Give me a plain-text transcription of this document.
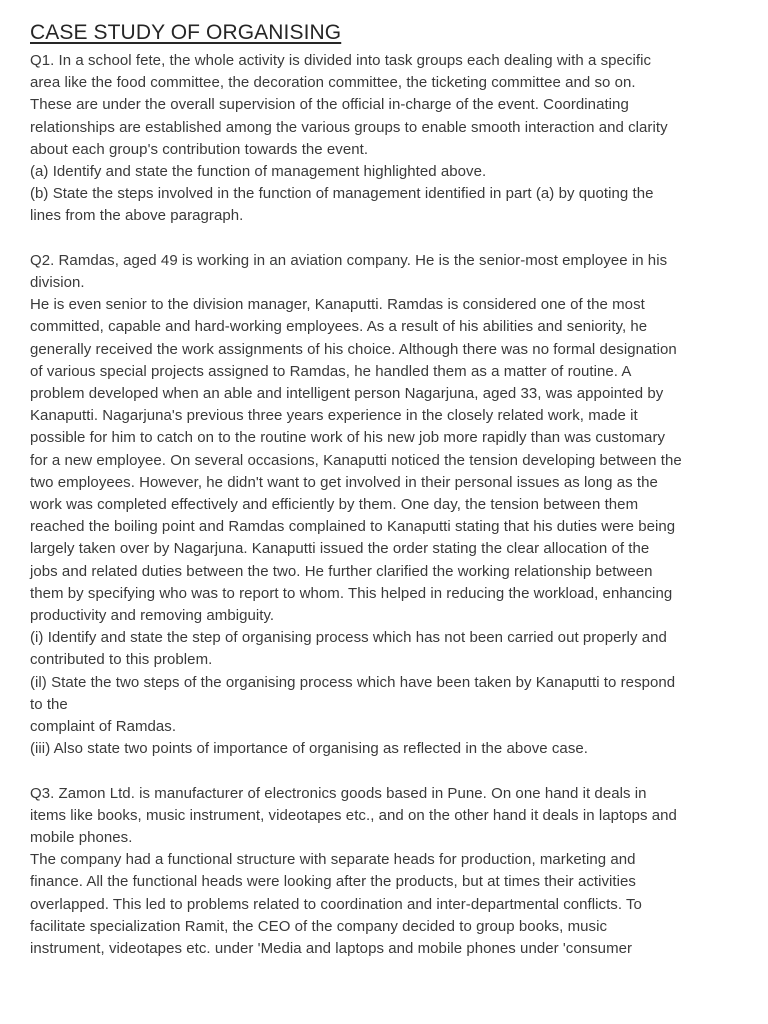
CASE STUDY OF ORGANISING
Q1. In a school fete, the whole activity is divided into task groups each dealing with a specific
area like the food committee, the decoration committee, the ticketing committee and so on.
These are under the overall supervision of the official in-charge of the event. Coordinating
relationships are established among the various groups to enable smooth interaction and clarity
about each group's contribution towards the event.
(a) Identify and state the function of management highlighted above.
(b) State the steps involved in the function of management identified in part (a) by quoting the
lines from the above paragraph.
Q2. Ramdas, aged 49 is working in an aviation company. He is the senior-most employee in his
division.
He is even senior to the division manager, Kanaputti. Ramdas is considered one of the most
committed, capable and hard-working employees. As a result of his abilities and seniority, he
generally received the work assignments of his choice. Although there was no formal designation
of various special projects assigned to Ramdas, he handled them as a matter of routine. A
problem developed when an able and intelligent person Nagarjuna, aged 33, was appointed by
Kanaputti. Nagarjuna's previous three years experience in the closely related work, made it
possible for him to catch on to the routine work of his new job more rapidly than was customary
for a new employee. On several occasions, Kanaputti noticed the tension developing between the
two employees. However, he didn't want to get involved in their personal issues as long as the
work was completed effectively and efficiently by them. One day, the tension between them
reached the boiling point and Ramdas complained to Kanaputti stating that his duties were being
largely taken over by Nagarjuna. Kanaputti issued the order stating the clear allocation of the
jobs and related duties between the two. He further clarified the working relationship between
them by specifying who was to report to whom. This helped in reducing the workload, enhancing
productivity and removing ambiguity.
(i) Identify and state the step of organising process which has not been carried out properly and
contributed to this problem.
(il) State the two steps of the organising process which have been taken by Kanaputti to respond
to the
complaint of Ramdas.
(iii) Also state two points of importance of organising as reflected in the above case.
Q3. Zamon Ltd. is manufacturer of electronics goods based in Pune. On one hand it deals in
items like books, music instrument, videotapes etc., and on the other hand it deals in laptops and
mobile phones.
The company had a functional structure with separate heads for production, marketing and
finance. All the functional heads were looking after the products, but at times their activities
overlapped. This led to problems related to coordination and inter-departmental conflicts. To
facilitate specialization Ramit, the CEO of the company decided to group books, music
instrument, videotapes etc. under 'Media and laptops and mobile phones under 'consumer
